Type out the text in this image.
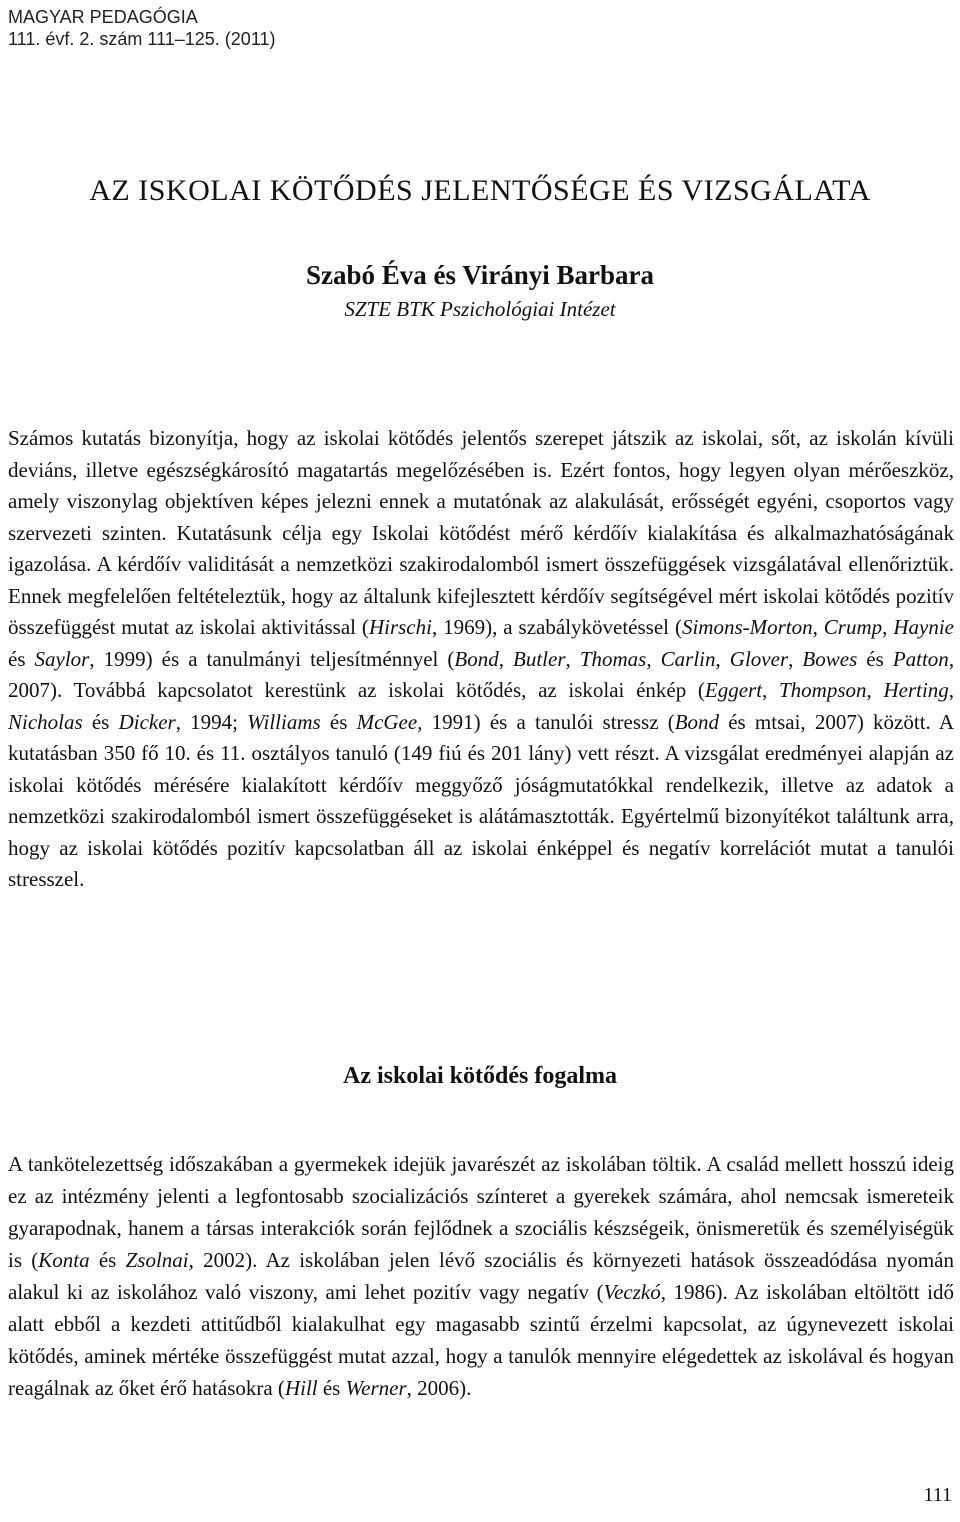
MAGYAR PEDAGÓGIA
111. évf. 2. szám 111–125. (2011)
AZ ISKOLAI KÖTŐDÉS JELENTŐSÉGE ÉS VIZSGÁLATA
Szabó Éva és Virányi Barbara
SZTE BTK Pszichológiai Intézet
Számos kutatás bizonyítja, hogy az iskolai kötődés jelentős szerepet játszik az iskolai, sőt, az iskolán kívüli deviáns, illetve egészségkárosító magatartás megelőzésében is. Ezért fontos, hogy legyen olyan mérőeszköz, amely viszonylag objektíven képes jelezni ennek a mutatónak az alakulását, erősségét egyéni, csoportos vagy szervezeti szinten. Kutatásunk célja egy Iskolai kötődést mérő kérdőív kialakítása és alkalmazhatóságának igazolása. A kérdőív validitását a nemzetközi szakirodalomból ismert összefüggések vizsgálatával ellenőriztük. Ennek megfelelően feltételeztük, hogy az általunk kifejlesztett kérdőív segítségével mért iskolai kötődés pozitív összefüggést mutat az iskolai aktivitással (Hirschi, 1969), a szabálykövetéssel (Simons-Morton, Crump, Haynie és Saylor, 1999) és a tanulmányi teljesítménnyel (Bond, Butler, Thomas, Carlin, Glover, Bowes és Patton, 2007). Továbbá kapcsolatot kerestünk az iskolai kötődés, az iskolai énkép (Eggert, Thompson, Herting, Nicholas és Dicker, 1994; Williams és McGee, 1991) és a tanulói stressz (Bond és mtsai, 2007) között. A kutatásban 350 fő 10. és 11. osztályos tanuló (149 fiú és 201 lány) vett részt. A vizsgálat eredményei alapján az iskolai kötődés mérésére kialakított kérdőív meggyőző jóságmutatókkal rendelkezik, illetve az adatok a nemzetközi szakirodalomból ismert összefüggéseket is alátámasztották. Egyértelmű bizonyítékot találtunk arra, hogy az iskolai kötődés pozitív kapcsolatban áll az iskolai énképpel és negatív korrelációt mutat a tanulói stresszel.
Az iskolai kötődés fogalma
A tankötelezettség időszakában a gyermekek idejük javarészét az iskolában töltik. A család mellett hosszú ideig ez az intézmény jelenti a legfontosabb szocializációs színteret a gyerekek számára, ahol nemcsak ismereteik gyarapodnak, hanem a társas interakciók során fejlődnek a szociális készségeik, önismeretük és személyiségük is (Konta és Zsolnai, 2002). Az iskolában jelen lévő szociális és környezeti hatások összeadódása nyomán alakul ki az iskolához való viszony, ami lehet pozitív vagy negatív (Veczkó, 1986). Az iskolában eltöltött idő alatt ebből a kezdeti attitűdből kialakulhat egy magasabb szintű érzelmi kapcsolat, az úgynevezett iskolai kötődés, aminek mértéke összefüggést mutat azzal, hogy a tanulók mennyire elégedettek az iskolával és hogyan reagálnak az őket érő hatásokra (Hill és Werner, 2006).
111
